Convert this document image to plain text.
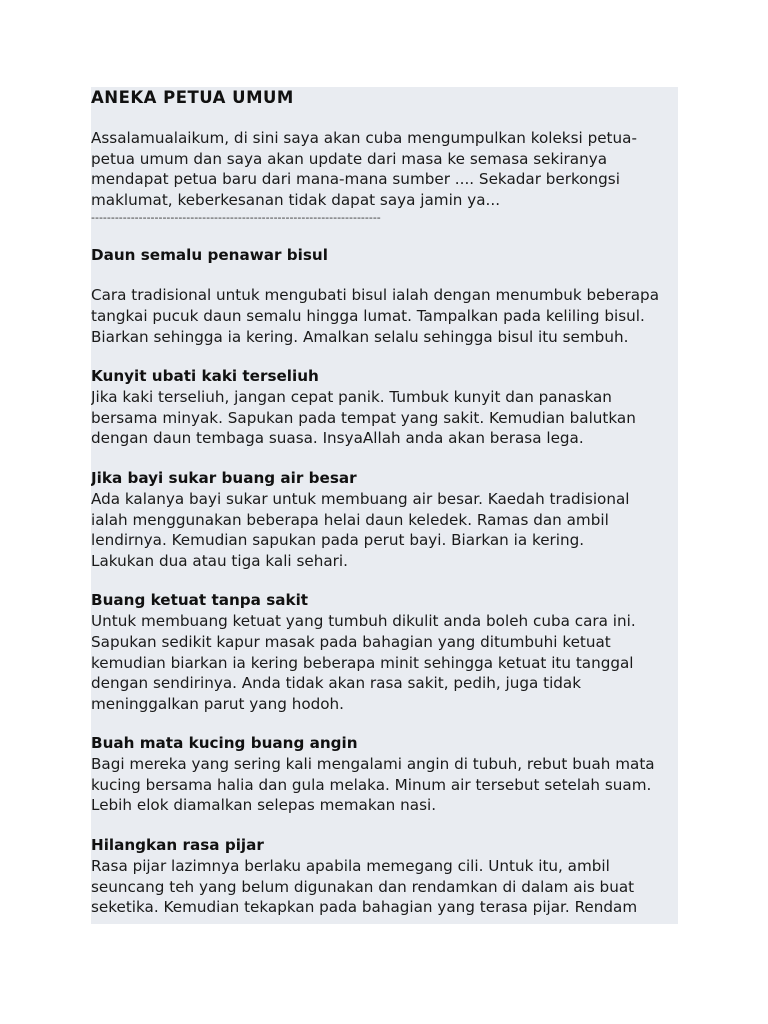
ANEKA PETUA UMUM

Assalamualaikum, di sini saya akan cuba mengumpulkan koleksi petua-
petua umum dan saya akan update dari masa ke semasa sekiranya
mendapat petua baru dari mana-mana sumber .... Sekadar berkongsi
maklumat, keberkesanan tidak dapat saya jamin ya...

-------------------------------------------------------------------------

Daun semalu penawar bisul

Cara tradisional untuk mengubati bisul ialah dengan menumbuk beberapa
tangkai pucuk daun semalu hingga lumat. Tampalkan pada keliling bisul.
Biarkan sehingga ia kering. Amalkan selalu sehingga bisul itu sembuh.

Kunyit ubati kaki terseliuh

Jika kaki terseliuh, jangan cepat panik. Tumbuk kunyit dan panaskan
bersama minyak. Sapukan pada tempat yang sakit. Kemudian balutkan
dengan daun tembaga suasa. InsyaAllah anda akan berasa lega.

Jika bayi sukar buang air besar

Ada kalanya bayi sukar untuk membuang air besar. Kaedah tradisional
ialah menggunakan beberapa helai daun keledek. Ramas dan ambil
lendirnya. Kemudian sapukan pada perut bayi. Biarkan ia kering.
Lakukan dua atau tiga kali sehari.

Buang ketuat tanpa sakit

Untuk membuang ketuat yang tumbuh dikulit anda boleh cuba cara ini.
Sapukan sedikit kapur masak pada bahagian yang ditumbuhi ketuat
kemudian biarkan ia kering beberapa minit sehingga ketuat itu tanggal
dengan sendirinya. Anda tidak akan rasa sakit, pedih, juga tidak
meninggalkan parut yang hodoh.

Buah mata kucing buang angin

Bagi mereka yang sering kali mengalami angin di tubuh, rebut buah mata
kucing bersama halia dan gula melaka. Minum air tersebut setelah suam.
Lebih elok diamalkan selepas memakan nasi.

Hilangkan rasa pijar

Rasa pijar lazimnya berlaku apabila memegang cili. Untuk itu, ambil
seuncang teh yang belum digunakan dan rendamkan di dalam ais buat
seketika. Kemudian tekapkan pada bahagian yang terasa pijar. Rendam
